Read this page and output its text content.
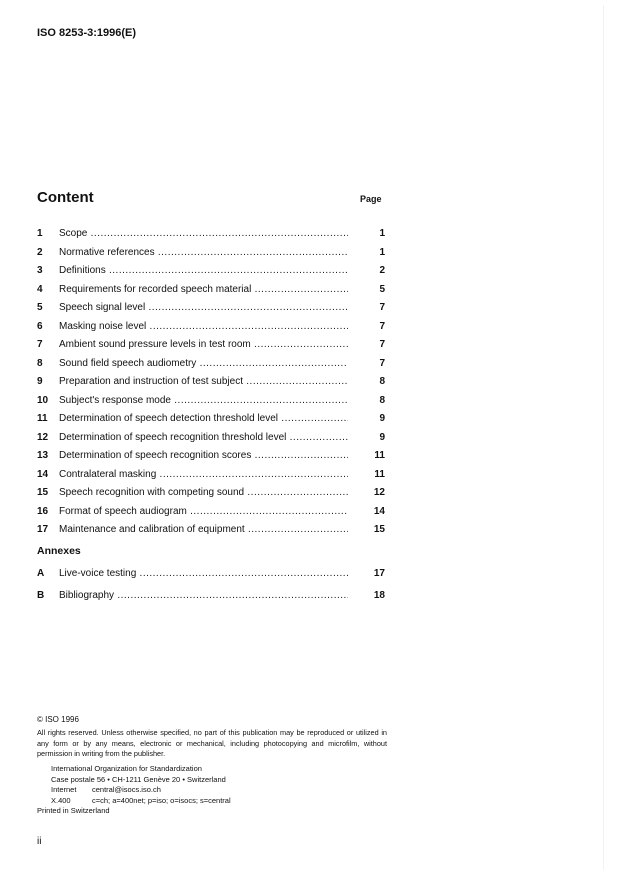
ISO 8253-3:1996(E)
Content	Page
1	Scope .....	1
2	Normative references .....	1
3	Definitions .....	2
4	Requirements for recorded speech material .....	5
5	Speech signal level .....	7
6	Masking noise level .....	7
7	Ambient sound pressure levels in test room .....	7
8	Sound field speech audiometry .....	7
9	Preparation and instruction of test subject .....	8
10	Subject's response mode .....	8
11	Determination of speech detection threshold level .....	9
12	Determination of speech recognition threshold level .....	9
13	Determination of speech recognition scores .....	11
14	Contralateral masking .....	11
15	Speech recognition with competing sound .....	12
16	Format of speech audiogram .....	14
17	Maintenance and calibration of equipment .....	15
Annexes
A	Live-voice testing .....	17
B	Bibliography .....	18
© ISO 1996
All rights reserved. Unless otherwise specified, no part of this publication may be reproduced or utilized in any form or by any means, electronic or mechanical, including photocopying and microfilm, without permission in writing from the publisher.
International Organization for Standardization
Case postale 56 • CH-1211 Genève 20 • Switzerland
Internet central@isocs.iso.ch
X.400	c=ch; a=400net; p=iso; o=isocs; s=central
Printed in Switzerland
ii
